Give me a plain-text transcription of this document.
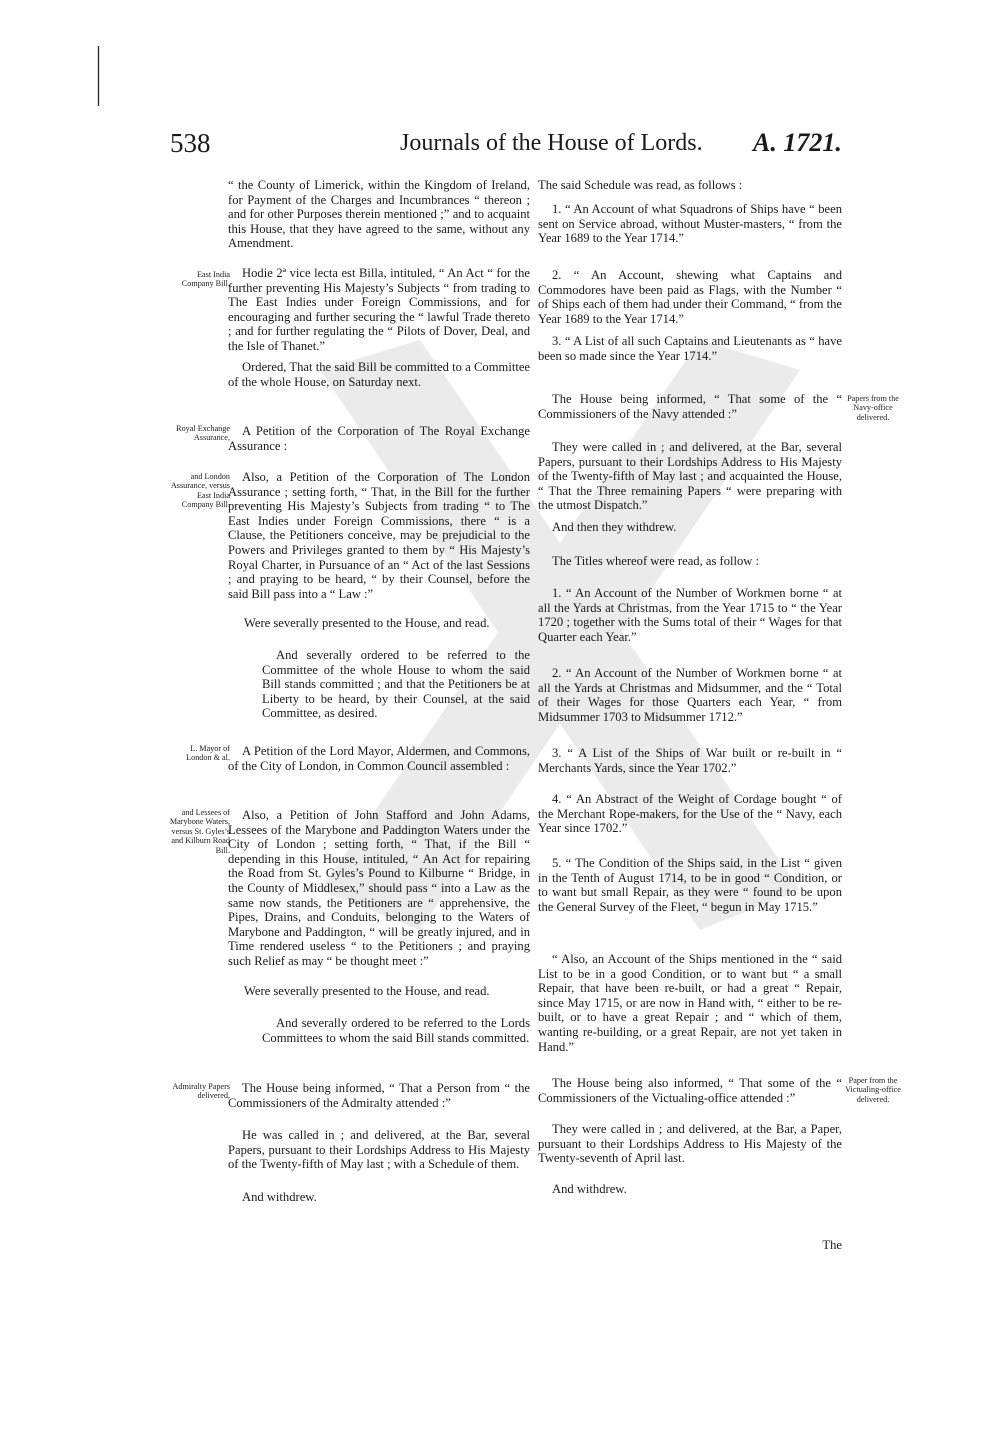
538	Journals of the House of Lords. A. 1721.
“ the County of Limerick, within the Kingdom of Ireland, for Payment of the Charges and Incumbrances “ thereon ; and for other Purposes therein mentioned ;” and to acquaint this House, that they have agreed to the same, without any Amendment.
Hodie 2ª vice lecta est Billa, intituled, “ An Act “ for the further preventing His Majesty’s Subjects “ from trading to The East Indies under Foreign Commissions, and for encouraging and further securing the “ lawful Trade thereto ; and for further regulating the “ Pilots of Dover, Deal, and the Isle of Thanet.”
Ordered, That the said Bill be committed to a Committee of the whole House, on Saturday next.
A Petition of the Corporation of The Royal Exchange Assurance :
Also, a Petition of the Corporation of The London Assurance ; setting forth, “ That, in the Bill for the further preventing His Majesty’s Subjects from trading “ to The East Indies under Foreign Commissions, there “ is a Clause, the Petitioners conceive, may be prejudicial to the Powers and Privileges granted to them by “ His Majesty’s Royal Charter, in Pursuance of an “ Act of the last Sessions ; and praying to be heard, “ by their Counsel, before the said Bill pass into a “ Law :”
Were severally presented to the House, and read.
And severally ordered to be referred to the Committee of the whole House to whom the said Bill stands committed ; and that the Petitioners be at Liberty to be heard, by their Counsel, at the said Committee, as desired.
A Petition of the Lord Mayor, Aldermen, and Commons, of the City of London, in Common Council assembled :
Also, a Petition of John Stafford and John Adams, Lessees of the Marybone and Paddington Waters under the City of London ; setting forth, “ That, if the Bill “ depending in this House, intituled, “ An Act for repairing the Road from St. Gyles’s Pound to Kilburne “ Bridge, in the County of Middlesex,” should pass “ into a Law as the same now stands, the Petitioners are “ apprehensive, the Pipes, Drains, and Conduits, belonging to the Waters of Marybone and Paddington, “ will be greatly injured, and in Time rendered useless “ to the Petitioners ; and praying such Relief as may “ be thought meet :”
Were severally presented to the House, and read.
And severally ordered to be referred to the Lords Committees to whom the said Bill stands committed.
The House being informed, “ That a Person from “ the Commissioners of the Admiralty attended :”
He was called in ; and delivered, at the Bar, several Papers, pursuant to their Lordships Address to His Majesty of the Twenty-fifth of May last ; with a Schedule of them.
And withdrew.
The said Schedule was read, as follows :
1. “ An Account of what Squadrons of Ships have “ been sent on Service abroad, without Muster-masters, “ from the Year 1689 to the Year 1714.”
2. “ An Account, shewing what Captains and Commodores have been paid as Flags, with the Number “ of Ships each of them had under their Command, “ from the Year 1689 to the Year 1714.”
3. “ A List of all such Captains and Lieutenants as “ have been so made since the Year 1714.”
The House being informed, “ That some of the “ Commissioners of the Navy attended :”
They were called in ; and delivered, at the Bar, several Papers, pursuant to their Lordships Address to His Majesty of the Twenty-fifth of May last ; and acquainted the House, “ That the Three remaining Papers “ were preparing with the utmost Dispatch.”
And then they withdrew.
The Titles whereof were read, as follow :
1. “ An Account of the Number of Workmen borne “ at all the Yards at Christmas, from the Year 1715 to “ the Year 1720 ; together with the Sums total of their “ Wages for that Quarter each Year.”
2. “ An Account of the Number of Workmen borne “ at all the Yards at Christmas and Midsummer, and the “ Total of their Wages for those Quarters each Year, “ from Midsummer 1703 to Midsummer 1712.”
3. “ A List of the Ships of War built or re-built in “ Merchants Yards, since the Year 1702.”
4. “ An Abstract of the Weight of Cordage bought “ of the Merchant Rope-makers, for the Use of the “ Navy, each Year since 1702.”
5. “ The Condition of the Ships said, in the List “ given in the Tenth of August 1714, to be in good “ Condition, or to want but small Repair, as they were “ found to be upon the General Survey of the Fleet, “ begun in May 1715.”
“ Also, an Account of the Ships mentioned in the “ said List to be in a good Condition, or to want but “ a small Repair, that have been re-built, or had a great “ Repair, since May 1715, or are now in Hand with, “ either to be re-built, or to have a great Repair ; and “ which of them, wanting re-building, or a great Repair, are not yet taken in Hand.”
The House being also informed, “ That some of the “ Commissioners of the Victualing-office attended :”
They were called in ; and delivered, at the Bar, a Paper, pursuant to their Lordships Address to His Majesty of the Twenty-seventh of April last.
And withdrew.
The
East India Company Bill.
Royal Exchange Assurance,
and London Assurance, versus East India Company Bill.
L. Mayor of London & al.
and Lessees of Marybone Waters, versus St. Gyles’s and Kilburn Road Bill.
Admiralty Papers delivered,
Papers from the Navy-office delivered.
Paper from the Victualing-office delivered.
